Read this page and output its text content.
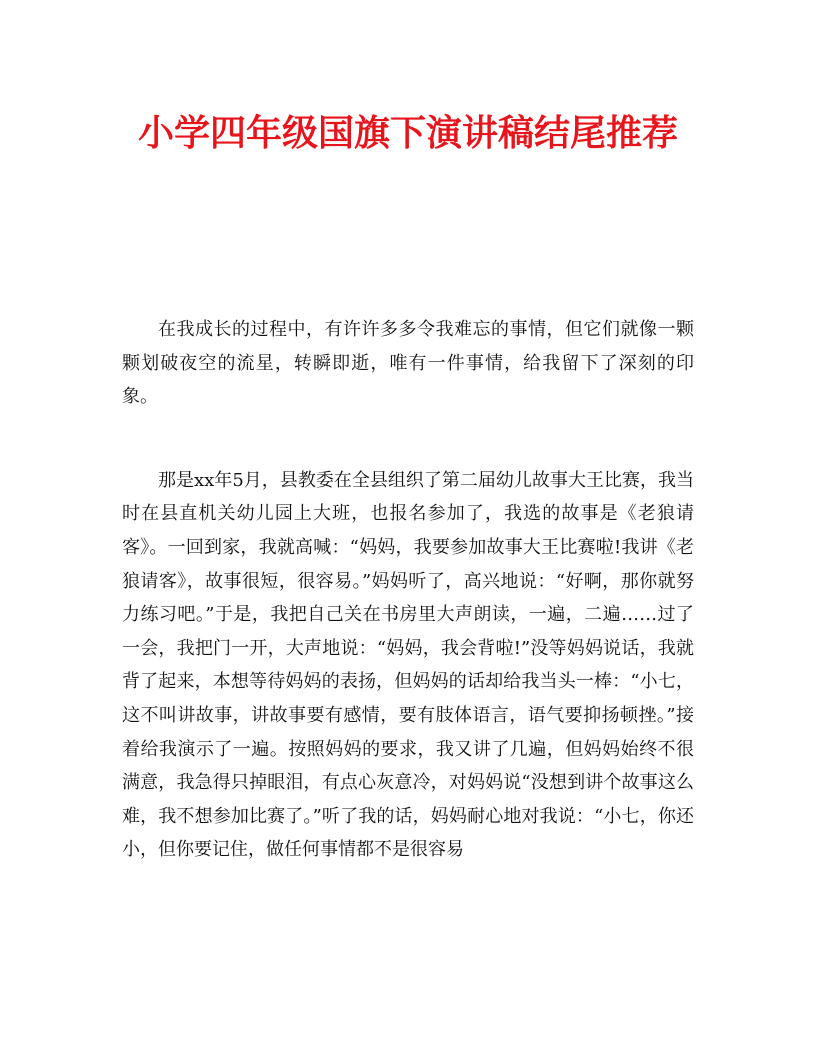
小学四年级国旗下演讲稿结尾推荐

在我成长的过程中，有许许多多令我难忘的事情，但它们就像一颗颗划破夜空的流星，转瞬即逝，唯有一件事情，给我留下了深刻的印象。

那是xx年5月，县教委在全县组织了第二届幼儿故事大王比赛，我当时在县直机关幼儿园上大班，也报名参加了，我选的故事是《老狼请客》。一回到家，我就高喊：“妈妈，我要参加故事大王比赛啦!我讲《老狼请客》，故事很短，很容易。”妈妈听了，高兴地说：“好啊，那你就努力练习吧。”于是，我把自己关在书房里大声朗读，一遍，二遍……过了一会，我把门一开，大声地说：“妈妈，我会背啦!”没等妈妈说话，我就背了起来，本想等待妈妈的表扬，但妈妈的话却给我当头一棒：“小七，这不叫讲故事，讲故事要有感情，要有肢体语言，语气要抑扬顿挫。”接着给我演示了一遍。按照妈妈的要求，我又讲了几遍，但妈妈始终不很满意，我急得只掉眼泪，有点心灰意冷，对妈妈说“没想到讲个故事这么难，我不想参加比赛了。”听了我的话，妈妈耐心地对我说：“小七，你还小，但你要记住，做任何事情都不是很容易
